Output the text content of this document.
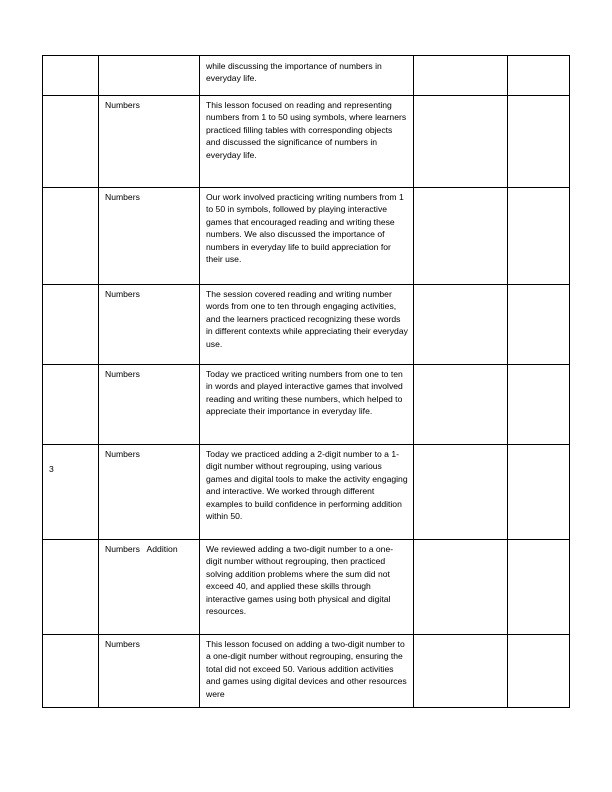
		while discussing the importance of numbers in everyday life.		
	Numbers	This lesson focused on reading and representing numbers from 1 to 50 using symbols, where learners practiced filling tables with corresponding objects and discussed the significance of numbers in everyday life.		
	Numbers	Our work involved practicing writing numbers from 1 to 50 in symbols, followed by playing interactive games that encouraged reading and writing these numbers. We also discussed the importance of numbers in everyday life to build appreciation for their use.		
	Numbers	The session covered reading and writing number words from one to ten through engaging activities, and the learners practiced recognizing these words in different contexts while appreciating their everyday use.		
	Numbers	Today we practiced writing numbers from one to ten in words and played interactive games that involved reading and writing these numbers, which helped to appreciate their importance in everyday life.		
3	Numbers	Today we practiced adding a 2-digit number to a 1-digit number without regrouping, using various games and digital tools to make the activity engaging and interactive. We worked through different examples to build confidence in performing addition within 50.		
	Numbers   Addition	We reviewed adding a two-digit number to a one-digit number without regrouping, then practiced solving addition problems where the sum did not exceed 40, and applied these skills through interactive games using both physical and digital resources.		
	Numbers	This lesson focused on adding a two-digit number to a one-digit number without regrouping, ensuring the total did not exceed 50. Various addition activities and games using digital devices and other resources were		
